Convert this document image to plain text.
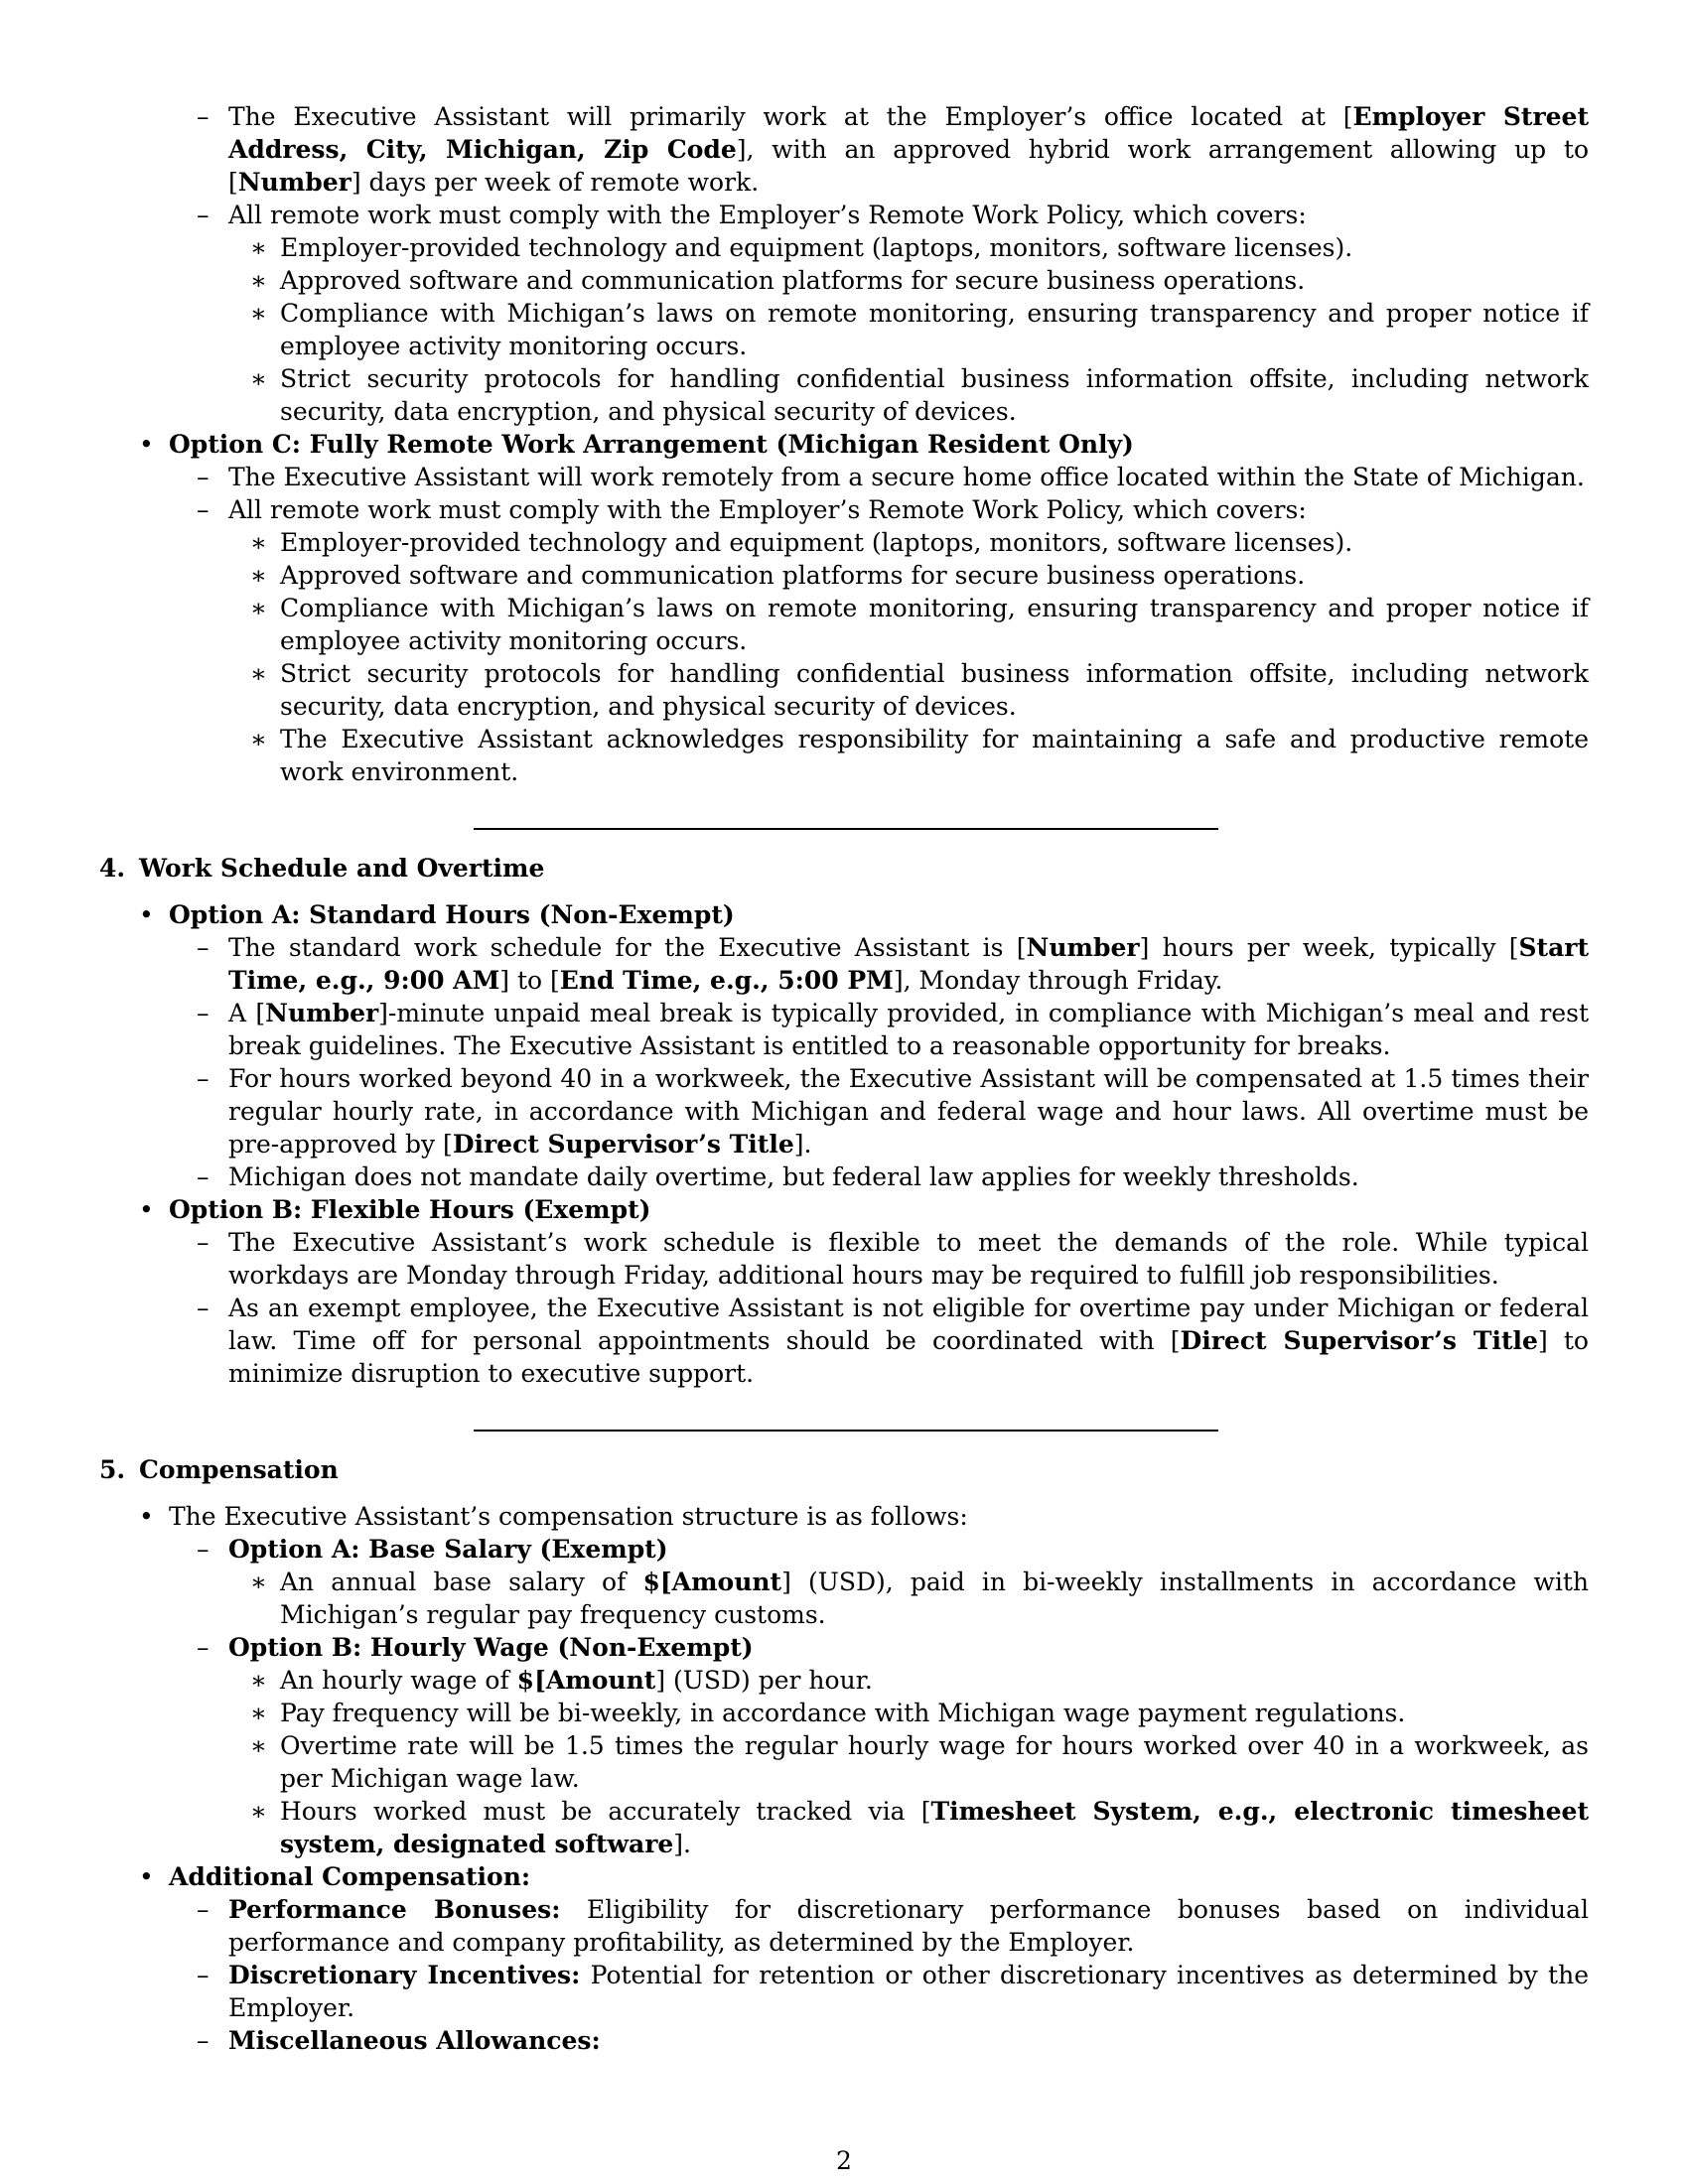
– The Executive Assistant will primarily work at the Employer’s office located at [Employer Street Address, City, Michigan, Zip Code], with an approved hybrid work arrangement allowing up to [Number] days per week of remote work.
– All remote work must comply with the Employer’s Remote Work Policy, which covers:
∗ Employer-provided technology and equipment (laptops, monitors, software licenses).
∗ Approved software and communication platforms for secure business operations.
∗ Compliance with Michigan’s laws on remote monitoring, ensuring transparency and proper notice if employee activity monitoring occurs.
∗ Strict security protocols for handling confidential business information offsite, including network security, data encryption, and physical security of devices.
• Option C: Fully Remote Work Arrangement (Michigan Resident Only)
– The Executive Assistant will work remotely from a secure home office located within the State of Michigan.
– All remote work must comply with the Employer’s Remote Work Policy, which covers:
∗ Employer-provided technology and equipment (laptops, monitors, software licenses).
∗ Approved software and communication platforms for secure business operations.
∗ Compliance with Michigan’s laws on remote monitoring, ensuring transparency and proper notice if employee activity monitoring occurs.
∗ Strict security protocols for handling confidential business information offsite, including network security, data encryption, and physical security of devices.
∗ The Executive Assistant acknowledges responsibility for maintaining a safe and productive remote work environment.
4. Work Schedule and Overtime
• Option A: Standard Hours (Non-Exempt)
– The standard work schedule for the Executive Assistant is [Number] hours per week, typically [Start Time, e.g., 9:00 AM] to [End Time, e.g., 5:00 PM], Monday through Friday.
– A [Number]-minute unpaid meal break is typically provided, in compliance with Michigan’s meal and rest break guidelines. The Executive Assistant is entitled to a reasonable opportunity for breaks.
– For hours worked beyond 40 in a workweek, the Executive Assistant will be compensated at 1.5 times their regular hourly rate, in accordance with Michigan and federal wage and hour laws. All overtime must be pre-approved by [Direct Supervisor’s Title].
– Michigan does not mandate daily overtime, but federal law applies for weekly thresholds.
• Option B: Flexible Hours (Exempt)
– The Executive Assistant’s work schedule is flexible to meet the demands of the role. While typical workdays are Monday through Friday, additional hours may be required to fulfill job responsibilities.
– As an exempt employee, the Executive Assistant is not eligible for overtime pay under Michigan or federal law. Time off for personal appointments should be coordinated with [Direct Supervisor’s Title] to minimize disruption to executive support.
5. Compensation
• The Executive Assistant’s compensation structure is as follows:
– Option A: Base Salary (Exempt)
∗ An annual base salary of $[Amount] (USD), paid in bi-weekly installments in accordance with Michigan’s regular pay frequency customs.
– Option B: Hourly Wage (Non-Exempt)
∗ An hourly wage of $[Amount] (USD) per hour.
∗ Pay frequency will be bi-weekly, in accordance with Michigan wage payment regulations.
∗ Overtime rate will be 1.5 times the regular hourly wage for hours worked over 40 in a workweek, as per Michigan wage law.
∗ Hours worked must be accurately tracked via [Timesheet System, e.g., electronic timesheet system, designated software].
• Additional Compensation:
– Performance Bonuses: Eligibility for discretionary performance bonuses based on individual performance and company profitability, as determined by the Employer.
– Discretionary Incentives: Potential for retention or other discretionary incentives as determined by the Employer.
– Miscellaneous Allowances:
2
